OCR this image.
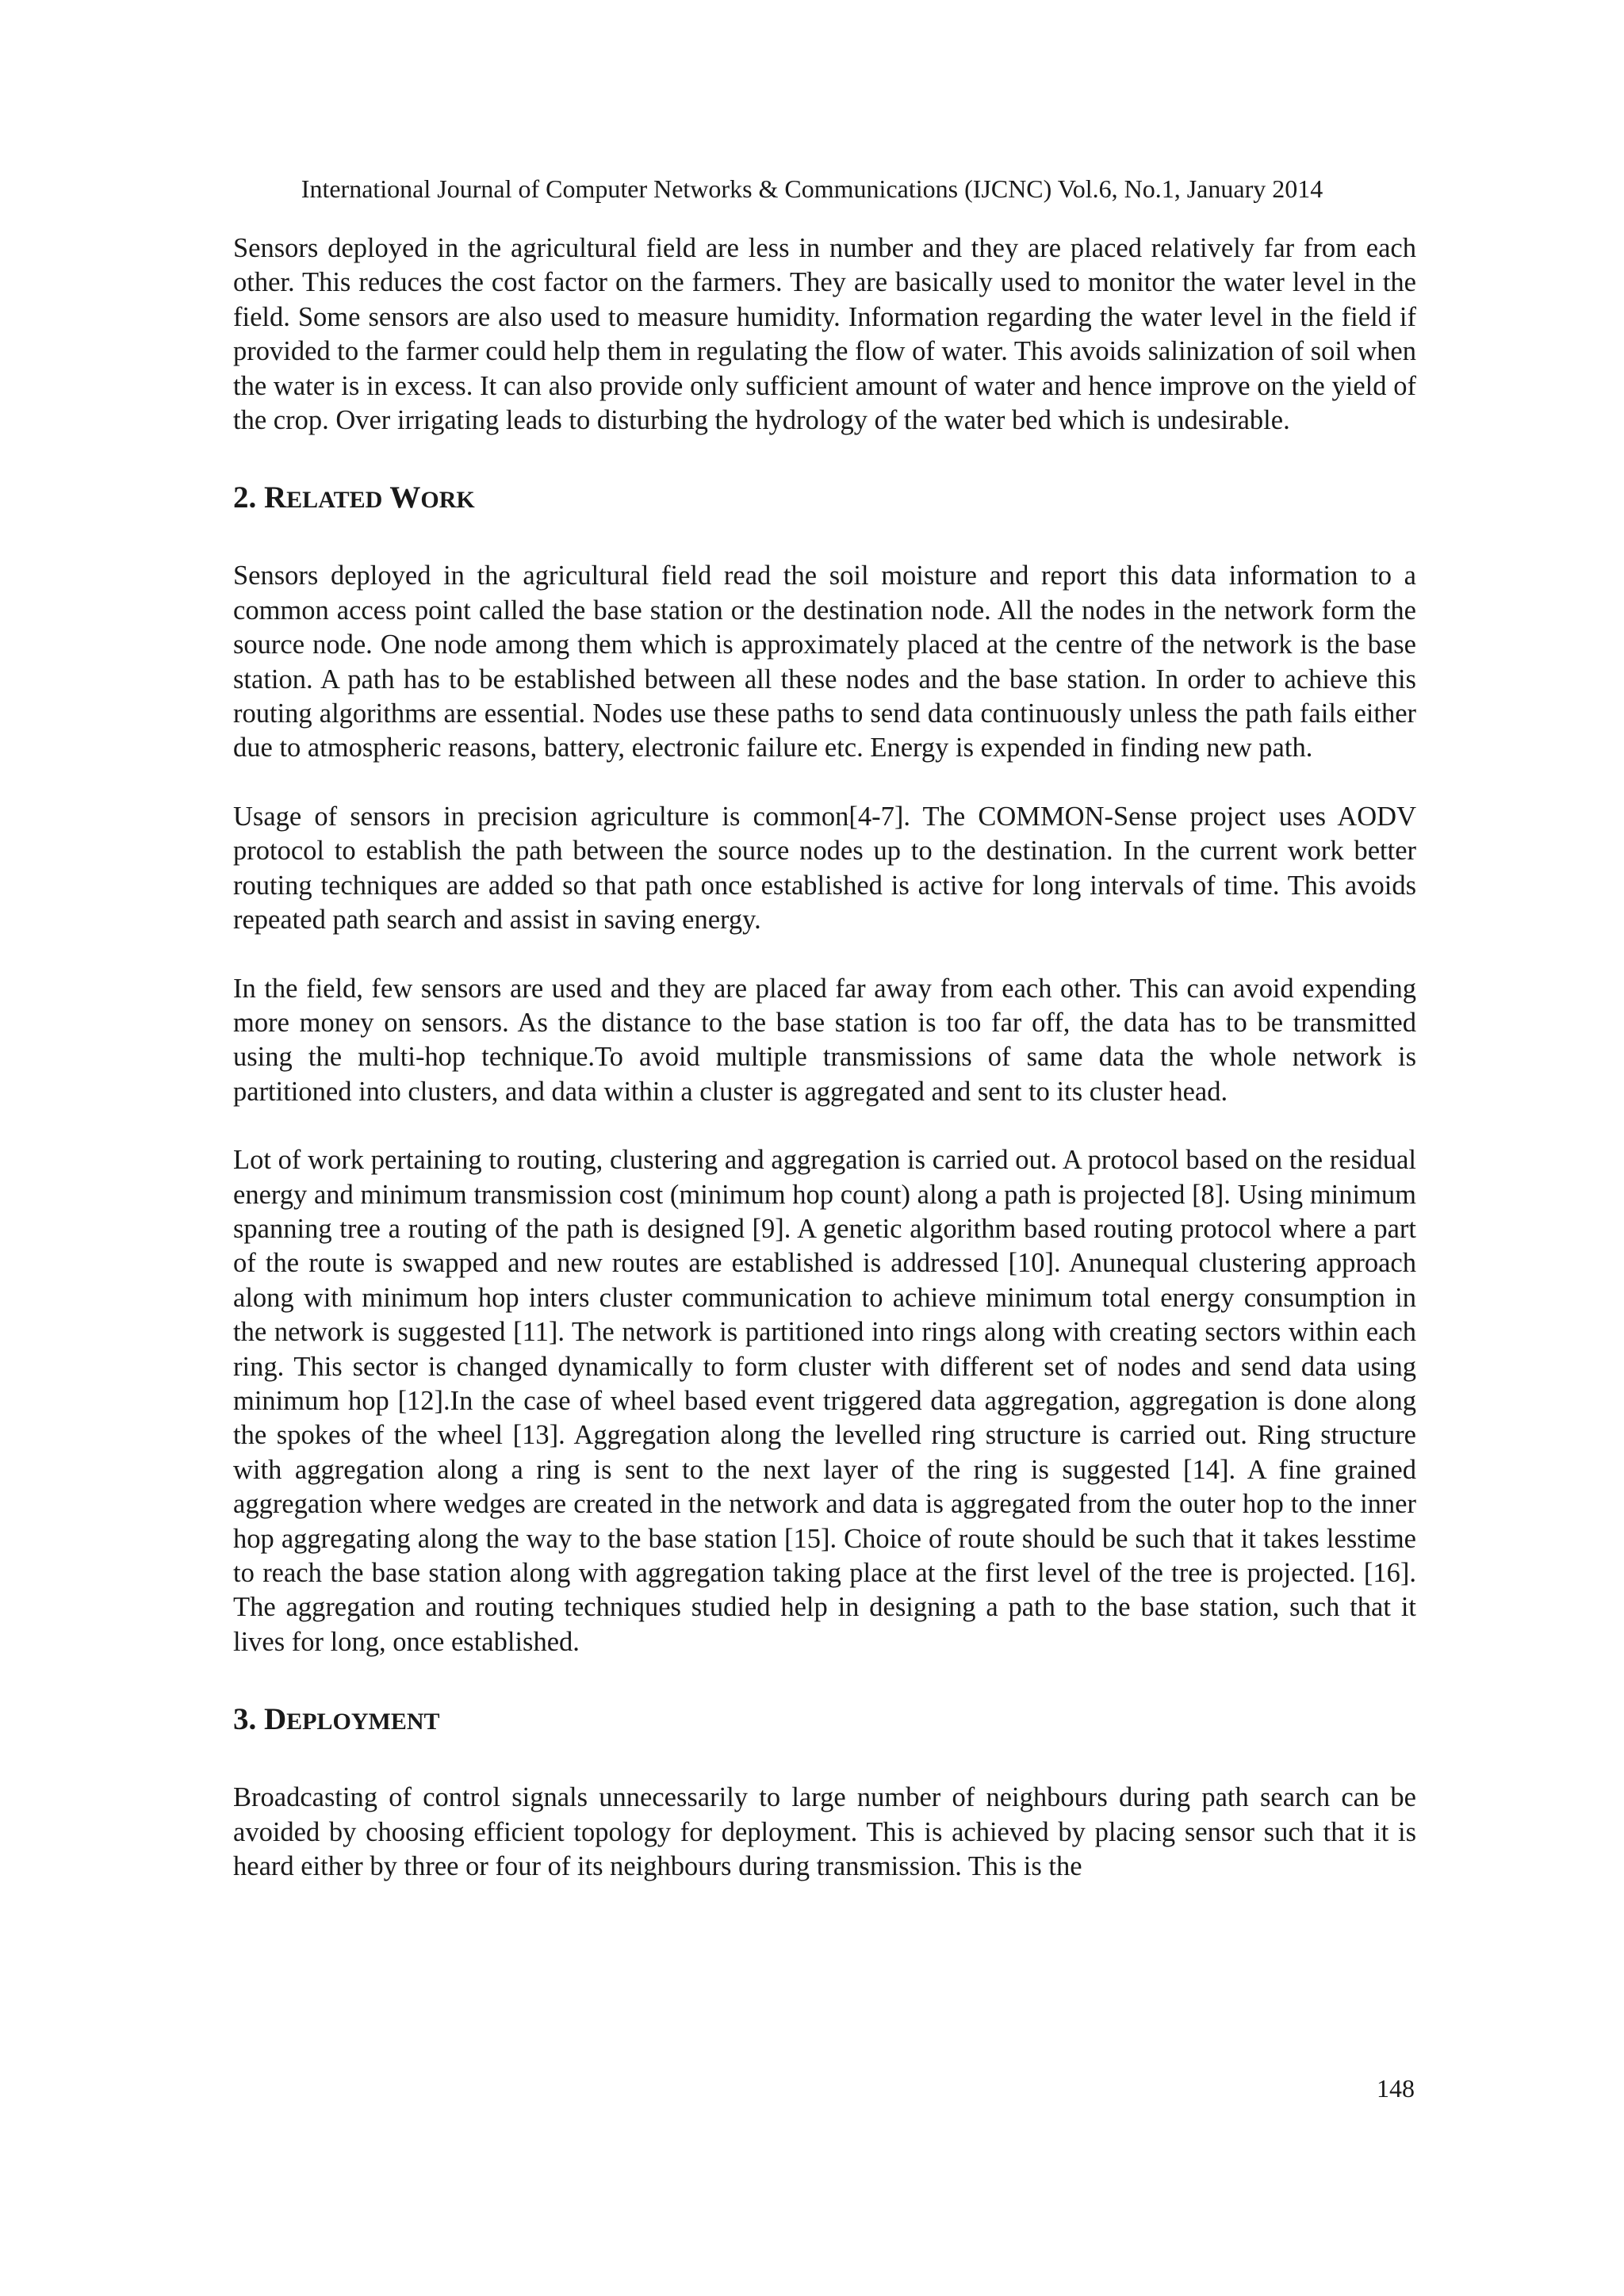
International Journal of Computer Networks & Communications (IJCNC) Vol.6, No.1, January 2014

Sensors deployed in the agricultural field are less in number and they are placed relatively far from each other. This reduces the cost factor on the farmers. They are basically used to monitor the water level in the field. Some sensors are also used to measure humidity. Information regarding the water level in the field if provided to the farmer could help them in regulating the flow of water. This avoids salinization of soil when the water is in excess. It can also provide only sufficient amount of water and hence improve on the yield of the crop. Over irrigating leads to disturbing the hydrology of the water bed which is undesirable.

2. RELATED WORK

Sensors deployed in the agricultural field read the soil moisture and report this data information to a common access point called the base station or the destination node. All the nodes in the network form the source node. One node among them which is approximately placed at the centre of the network is the base station. A path has to be established between all these nodes and the base station. In order to achieve this routing algorithms are essential. Nodes use these paths to send data continuously unless the path fails either due to atmospheric reasons, battery, electronic failure etc. Energy is expended in finding new path.

Usage of sensors in precision agriculture is common[4-7]. The COMMON-Sense project uses AODV protocol to establish the path between the source nodes up to the destination. In the current work better routing techniques are added so that path once established is active for long intervals of time. This avoids repeated path search and assist in saving energy.

In the field, few sensors are used and they are placed far away from each other. This can avoid expending more money on sensors. As the distance to the base station is too far off, the data has to be transmitted using the multi-hop technique.To avoid multiple transmissions of same data the whole network is partitioned into clusters, and data within a cluster is aggregated and sent to its cluster head.

Lot of work pertaining to routing, clustering and aggregation is carried out. A protocol based on the residual energy and minimum transmission cost (minimum hop count) along a path is projected [8]. Using minimum spanning tree a routing of the path is designed [9]. A genetic algorithm based routing protocol where a part of the route is swapped and new routes are established is addressed [10]. Anunequal clustering approach along with minimum hop inters cluster communication to achieve minimum total energy consumption in the network is suggested [11]. The network is partitioned into rings along with creating sectors within each ring. This sector is changed dynamically to form cluster with different set of nodes and send data using minimum hop [12].In the case of wheel based event triggered data aggregation, aggregation is done along the spokes of the wheel [13]. Aggregation along the levelled ring structure is carried out. Ring structure with aggregation along a ring is sent to the next layer of the ring is suggested [14]. A fine grained aggregation where wedges are created in the network and data is aggregated from the outer hop to the inner hop aggregating along the way to the base station [15]. Choice of route should be such that it takes lesstime to reach the base station along with aggregation taking place at the first level of the tree is projected. [16]. The aggregation and routing techniques studied help in designing a path to the base station, such that it lives for long, once established.

3. DEPLOYMENT

Broadcasting of control signals unnecessarily to large number of neighbours during path search can be avoided by choosing efficient topology for deployment. This is achieved by placing sensor such that it is heard either by three or four of its neighbours during transmission. This is the

148
